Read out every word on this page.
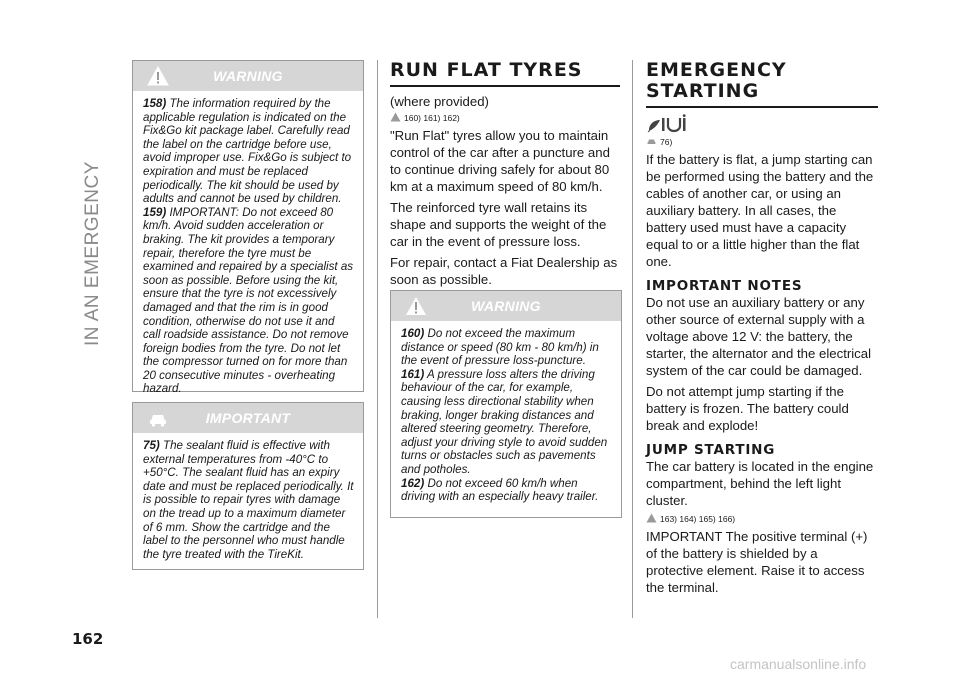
IN AN EMERGENCY
162
WARNING

158) The information required by the applicable regulation is indicated on the Fix&Go kit package label. Carefully read the label on the cartridge before use, avoid improper use. Fix&Go is subject to expiration and must be replaced periodically. The kit should be used by adults and cannot be used by children.

159) IMPORTANT: Do not exceed 80 km/h. Avoid sudden acceleration or braking. The kit provides a temporary repair, therefore the tyre must be examined and repaired by a specialist as soon as possible. Before using the kit, ensure that the tyre is not excessively damaged and that the rim is in good condition, otherwise do not use it and call roadside assistance. Do not remove foreign bodies from the tyre. Do not let the compressor turned on for more than 20 consecutive minutes - overheating hazard.

IMPORTANT

75) The sealant fluid is effective with external temperatures from -40°C to +50°C. The sealant fluid has an expiry date and must be replaced periodically. It is possible to repair tyres with damage on the tread up to a maximum diameter of 6 mm. Show the cartridge and the label to the personnel who must handle the tyre treated with the TireKit.

RUN FLAT TYRES

(where provided)

160) 161) 162)

"Run Flat" tyres allow you to maintain control of the car after a puncture and to continue driving safely for about 80 km at a maximum speed of 80 km/h.

The reinforced tyre wall retains its shape and supports the weight of the car in the event of pressure loss.

For repair, contact a Fiat Dealership as soon as possible.

WARNING

160) Do not exceed the maximum distance or speed (80 km - 80 km/h) in the event of pressure loss-puncture.

161) A pressure loss alters the driving behaviour of the car, for example, causing less directional stability when braking, longer braking distances and altered steering geometry. Therefore, adjust your driving style to avoid sudden turns or obstacles such as pavements and potholes.

162) Do not exceed 60 km/h when driving with an especially heavy trailer.

EMERGENCY
STARTING
76)

If the battery is flat, a jump starting can be performed using the battery and the cables of another car, or using an auxiliary battery. In all cases, the battery used must have a capacity equal to or a little higher than the flat one.

IMPORTANT NOTES

Do not use an auxiliary battery or any other source of external supply with a voltage above 12 V: the battery, the starter, the alternator and the electrical system of the car could be damaged.

Do not attempt jump starting if the battery is frozen. The battery could break and explode!

JUMP STARTING

The car battery is located in the engine compartment, behind the left light cluster.

163) 164) 165) 166)

IMPORTANT The positive terminal (+) of the battery is shielded by a protective element. Raise it to access the terminal.

carmanualsonline.info
